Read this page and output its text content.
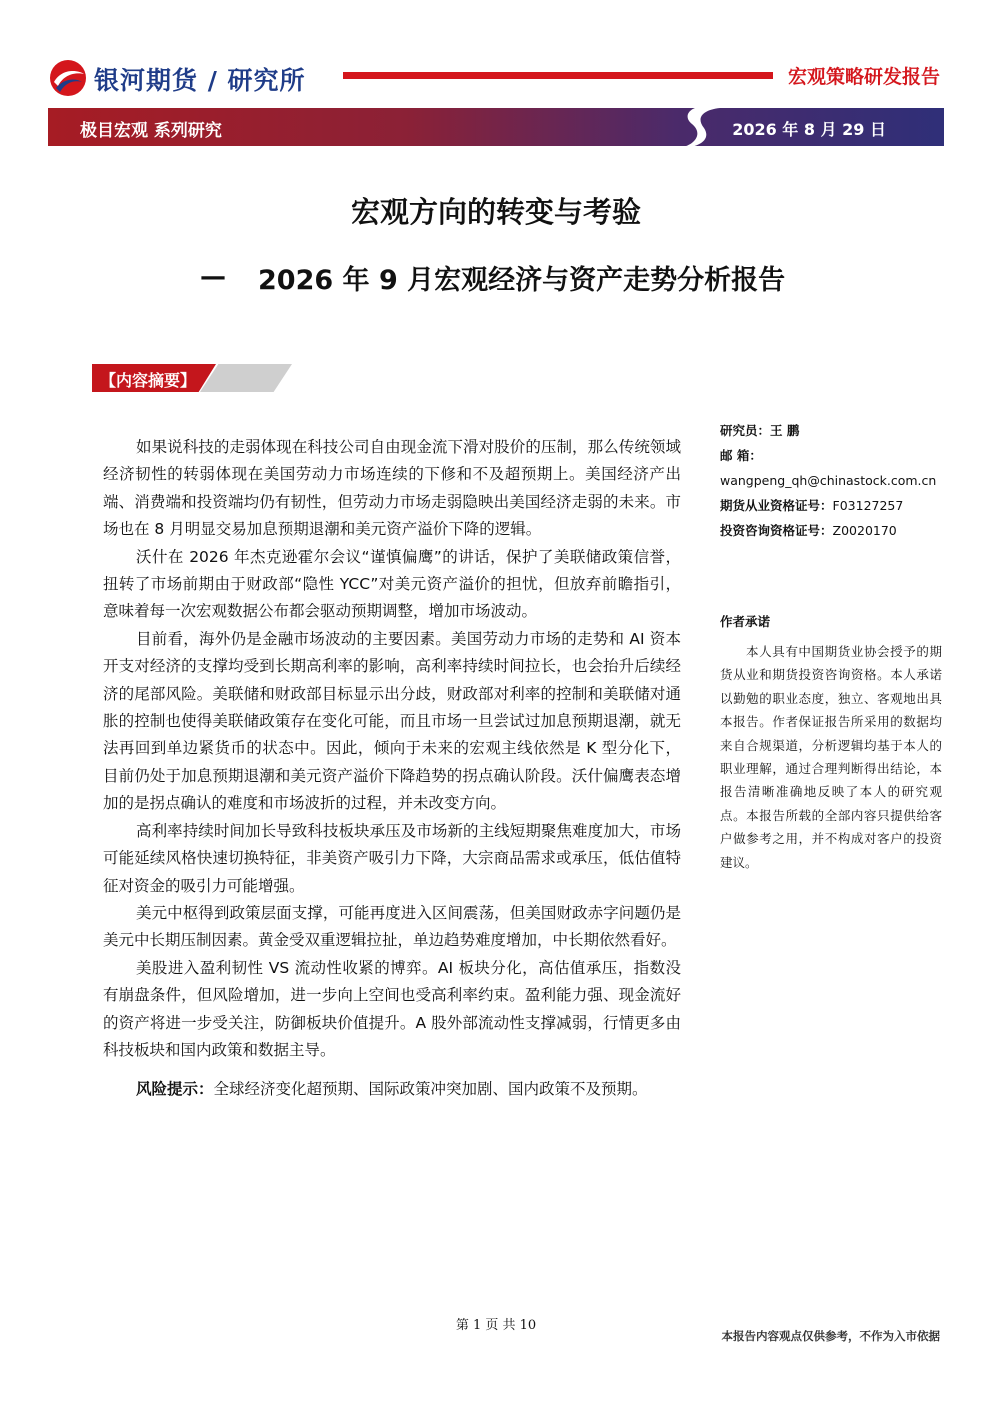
银河期货 / 研究所	宏观策略研发报告
极目宏观 系列研究	2026 年 8 月 29 日
宏观方向的转变与考验
— 2026 年 9 月宏观经济与资产走势分析报告
【内容摘要】

如果说科技的走弱体现在科技公司自由现金流下滑对股价的压制，那么传统领域经济韧性的转弱体现在美国劳动力市场连续的下修和不及超预期上。美国经济产出端、消费端和投资端均仍有韧性，但劳动力市场走弱隐映出美国经济走弱的未来。市场也在 8 月明显交易加息预期退潮和美元资产溢价下降的逻辑。

沃什在 2026 年杰克逊霍尔会议“谨慎偏鹰”的讲话，保护了美联储政策信誉，扭转了市场前期由于财政部“隐性 YCC”对美元资产溢价的担忧，但放弃前瞻指引，意味着每一次宏观数据公布都会驱动预期调整，增加市场波动。

目前看，海外仍是金融市场波动的主要因素。美国劳动力市场的走势和 AI 资本开支对经济的支撑均受到长期高利率的影响，高利率持续时间拉长，也会抬升后续经济的尾部风险。美联储和财政部目标显示出分歧，财政部对利率的控制和美联储对通胀的控制也使得美联储政策存在变化可能，而且市场一旦尝试过加息预期退潮，就无法再回到单边紧货币的状态中。因此，倾向于未来的宏观主线依然是 K 型分化下，目前仍处于加息预期退潮和美元资产溢价下降趋势的拐点确认阶段。沃什偏鹰表态增加的是拐点确认的难度和市场波折的过程，并未改变方向。

高利率持续时间加长导致科技板块承压及市场新的主线短期聚焦难度加大，市场可能延续风格快速切换特征，非美资产吸引力下降，大宗商品需求或承压，低估值特征对资金的吸引力可能增强。

美元中枢得到政策层面支撑，可能再度进入区间震荡，但美国财政赤字问题仍是美元中长期压制因素。黄金受双重逻辑拉扯，单边趋势难度增加，中长期依然看好。

美股进入盈利韧性 VS 流动性收紧的博弈。AI 板块分化，高估值承压，指数没有崩盘条件，但风险增加，进一步向上空间也受高利率约束。盈利能力强、现金流好的资产将进一步受关注，防御板块价值提升。A 股外部流动性支撑减弱，行情更多由科技板块和国内政策和数据主导。

风险提示：全球经济变化超预期、国际政策冲突加剧、国内政策不及预期。

研究员：王 鹏
邮 箱：
wangpeng_qh@chinastock.com.cn
期货从业资格证号：F03127257
投资咨询资格证号：Z0020170
作者承诺
本人具有中国期货业协会授予的期货从业和期货投资咨询资格。本人承诺以勤勉的职业态度，独立、客观地出具本报告。作者保证报告所采用的数据均来自合规渠道，分析逻辑均基于本人的职业理解，通过合理判断得出结论，本报告清晰准确地反映了本人的研究观点。本报告所载的全部内容只提供给客户做参考之用，并不构成对客户的投资建议。
第 1 页 共 10
本报告内容观点仅供参考，不作为入市依据
